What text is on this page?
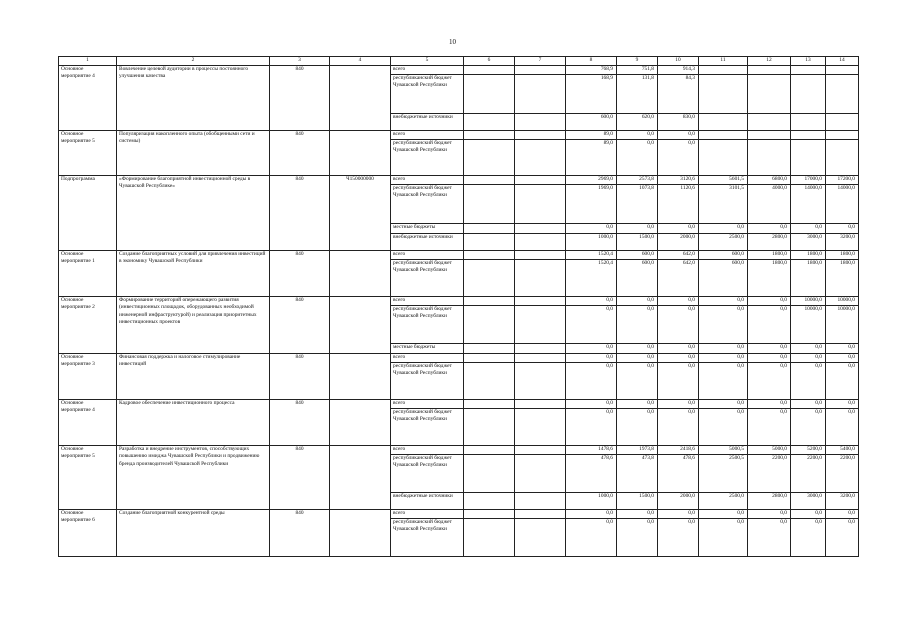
10
1	2	3	4	5	6	7	8	9	10	11	12	13	14
Основное мероприятие 4	Вовлечение целевой аудитории в процессы постоянного улучшения качества	840		всего			768,9	751,8	914,3				
				республиканский бюджет Чувашской Республики			168,9	131,8	84,3				
				внебюджетные источники			600,0	620,0	830,0				
Основное мероприятие 5	Популяризация накопленного опыта (обобщенными сети и системы)	840		всего			89,0	0,0	0,0				
				республиканский бюджет Чувашской Республики			89,0	0,0	0,0				
Подпрограмма	«Формирование благоприятной инвестиционной среды в Чувашской Республике»	840	Ч150000000	всего			2969,0	2573,8	3120,6	5601,5	6800,0	17000,0	17200,0
				республиканский бюджет Чувашской Республики			1969,0	1073,8	1120,6	3101,5	4000,0	14000,0	14000,0
				местные бюджеты			0,0	0,0	0,0	0,0	0,0	0,0	0,0
				внебюджетные источники			1000,0	1500,0	2000,0	2500,0	2800,0	3000,0	3200,0
Основное мероприятие 1	Создание благоприятных условий для привлечения инвестиций в экономику Чувашской Республики	840		всего			1520,4	600,0	642,0	600,0	1800,0	1800,0	1800,0
				республиканский бюджет Чувашской Республики			1520,4	600,0	642,0	600,0	1800,0	1800,0	1800,0
Основное мероприятие 2	Формирование территорий опережающего развития (инвестиционных площадок, оборудованных необходимой инженерной инфраструктурой) и реализация приоритетных инвестиционных проектов	840		всего			0,0	0,0	0,0	0,0	0,0	10000,0	10000,0
				республиканский бюджет Чувашской Республики			0,0	0,0	0,0	0,0	0,0	10000,0	10000,0
				местные бюджеты			0,0	0,0	0,0	0,0	0,0	0,0	0,0
Основное мероприятие 3	Финансовая поддержка и налоговое стимулирование инвестиций	840		всего			0,0	0,0	0,0	0,0	0,0	0,0	0,0
				республиканский бюджет Чувашской Республики			0,0	0,0	0,0	0,0	0,0	0,0	0,0
Основное мероприятие 4	Кадровое обеспечение инвестиционного процесса	840		всего			0,0	0,0	0,0	0,0	0,0	0,0	0,0
				республиканский бюджет Чувашской Республики			0,0	0,0	0,0	0,0	0,0	0,0	0,0
Основное мероприятие 5	Разработка и внедрение инструментов, способствующих повышению имиджа Чувашской Республики и продвижению бренда производителей Чувашской Республики	840		всего			1478,6	1973,8	2418,6	5000,5	5000,0	5200,0	5400,0
				республиканский бюджет Чувашской Республики			478,6	473,8	478,6	2500,5	2200,0	2200,0	2200,0
				внебюджетные источники			1000,0	1500,0	2000,0	2500,0	2800,0	3000,0	3200,0
Основное мероприятие 6	Создание благоприятной конкурентной среды	840		всего			0,0	0,0	0,0	0,0	0,0	0,0	0,0
				республиканский бюджет Чувашской Республики			0,0	0,0	0,0	0,0	0,0	0,0	0,0
